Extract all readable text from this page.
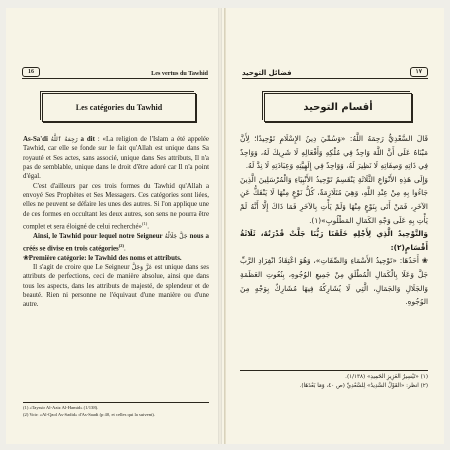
16	Les vertus du Tawhid
Les catégories du Tawhid

As-Sa'di رَحِمَهُ ٱللَّهُ a dit : «La religion de l'Islam a été appelée Tawhid, car elle se fonde sur le fait qu'Allah est unique dans Sa royauté et Ses actes, sans associé, unique dans Ses attributs, Il n'a pas de semblable, unique dans le droit d'être adoré car Il n'a point d'égal.

C'est d'ailleurs par ces trois formes du Tawhid qu'Allah a envoyé Ses Prophètes et Ses Messagers. Ces catégories sont liées, elles ne peuvent se défaire les unes des autres. Si l'on applique une de ces formes en occultant les deux autres, son sens ne pourra être complet et sera éloigné de celui recherché»$^{(1)}$.

Ainsi, le Tawhid pour lequel notre Seigneur جَلَّ جَلَالُهُ nous a créés se divise en trois catégories$^{(2)}$.

❀Première catégorie: le Tawhid des noms et attributs.

Il s'agit de croire que Le Seigneur عَزَّ وَجَلَّ est unique dans ses attributs de perfections, ceci de manière absolue, ainsi que dans tous les aspects, dans les attributs de majesté, de splendeur et de beauté. Rien ni personne ne l'équivaut d'une manière ou d'une autre.

(1) «Tayssir Al-Aziz Al-Hamid» (1/138).
(2) Voir: «Al-Qaol As-Sadid» d'As-Saadi (p 40, et celles qui la suivent).
فضائل التوحيد	١٧
أقسام التوحيد

قَالَ السَّعْدِيُّ رَحِمَهُ اللَّهُ: «وَسُمِّيَ دِينُ الإِسْلَامِ تَوْحِيدًا؛ لِأَنَّ مَبْنَاهُ عَلَى أَنَّ اللَّهَ وَاحِدٌ فِي مُلْكِهِ وَأَفْعَالِهِ لَا شَرِيكَ لَهُ، وَوَاحِدٌ فِي ذَاتِهِ وَصِفَاتِهِ لَا نَظِيرَ لَهُ، وَوَاحِدٌ فِي إِلَهِيَّتِهِ وَعِبَادَتِهِ لَا نِدَّ لَهُ.

وَإِلَى هَذِهِ الأَنْوَاعِ الثَّلَاثَةِ يَنْقَسِمُ تَوْحِيدُ الأَنْبِيَاءِ وَالْمُرْسَلِينَ الَّذِينَ جَاءُوا بِهِ مِنْ عِنْدِ اللَّهِ، وَهِيَ مُتَلَازِمَةٌ، كُلُّ نَوْعٍ مِنْهَا لَا يَنْفَكُّ عَنِ الآخَرِ، فَمَنْ أَتَى بِنَوْعٍ مِنْهَا وَلَمْ يَأْتِ بِالآخَرِ فَمَا ذَاكَ إِلَّا أَنَّهُ لَمْ يَأْتِ بِهِ عَلَى وَجْهِ الكَمَالِ المَطْلُوبِ»(١).

وَالتَّوْحِيدُ الَّذِي لِأَجْلِهِ خَلَقَنَا رَبُّنَا جَلَّتْ قُدْرَتُهُ، ثَلَاثَةُ أَقْسَامٍ(٢):

❀ أَحَدُهَا: «تَوْحِيدُ الأَسْمَاءِ وَالصِّفَاتِ»، وَهُوَ اعْتِقَادُ انْفِرَادِ الرَّبِّ جَلَّ وَعَلَا بِالْكَمَالِ الْمُطْلَقِ مِنْ جَمِيعِ الوُجُوهِ، بِنُعُوتِ العَظَمَةِ وَالجَلَالِ وَالجَمَالِ، الَّتِي لَا يُشَارِكُهُ فِيهَا مُشَارِكٌ بِوَجْهٍ مِنَ الوُجُوهِ.

(١) «تَيْسِيرُ العَزِيزِ الحَمِيدِ» (١/١٣٨).
(٢) انظر: «القَوْلُ السَّدِيدُ» لِلسَّعْدِيِّ (ص ٤٠، وَمَا بَعْدَهَا).
